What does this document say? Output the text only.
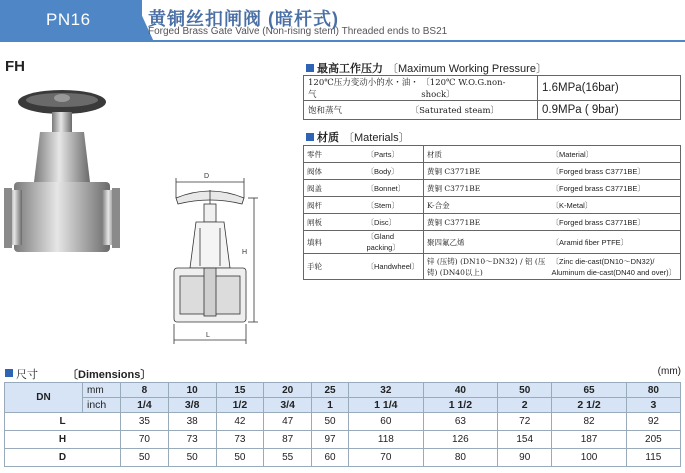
PN16	黄铜丝扣闸阀 (暗杆式)
Forged Brass Gate Valve (Non-rising stem) Threaded ends to BS21
FH
D
H
L
最高工作压力 〔Maximum Working Pressure〕
120℃压力变动小的水・油・气
〔120℃ W.O.G.non-shock〕	1.6MPa(16bar)

饱和蒸气 〔Saturated steam〕	0.9MPa ( 9bar)
材质 〔Materials〕
零件	〔Parts〕	材质	〔Material〕
阀体	〔Body〕	黄铜 C3771BE	〔Forged brass C3771BE〕
阀盖	〔Bonnet〕	黄铜 C3771BE	〔Forged brass C3771BE〕
阀杆	〔Stem〕	K-合金	〔K-Metal〕
闸板	〔Disc〕	黄铜 C3771BE	〔Forged brass C3771BE〕
填料	〔Gland packing〕	聚四氟乙烯	〔Aramid fiber PTFE〕
手轮	〔Handwheel〕	锌 (压铸) (DN10～DN32) / 铝 (压铸) (DN40以上)	〔Zinc die-cast(DN10～DN32)/ Aluminum die-cast(DN40 and over)〕
尺寸	〔Dimensions〕	(mm)
DN	mm	8	10	15	20	25	32	40	50	65	80
	inch	1/4	3/8	1/2	3/4	1	1 1/4	1 1/2	2	2 1/2	3
L		35	38	42	47	50	60	63	72	82	92
H		70	73	73	87	97	118	126	154	187	205
D		50	50	50	55	60	70	80	90	100	115
